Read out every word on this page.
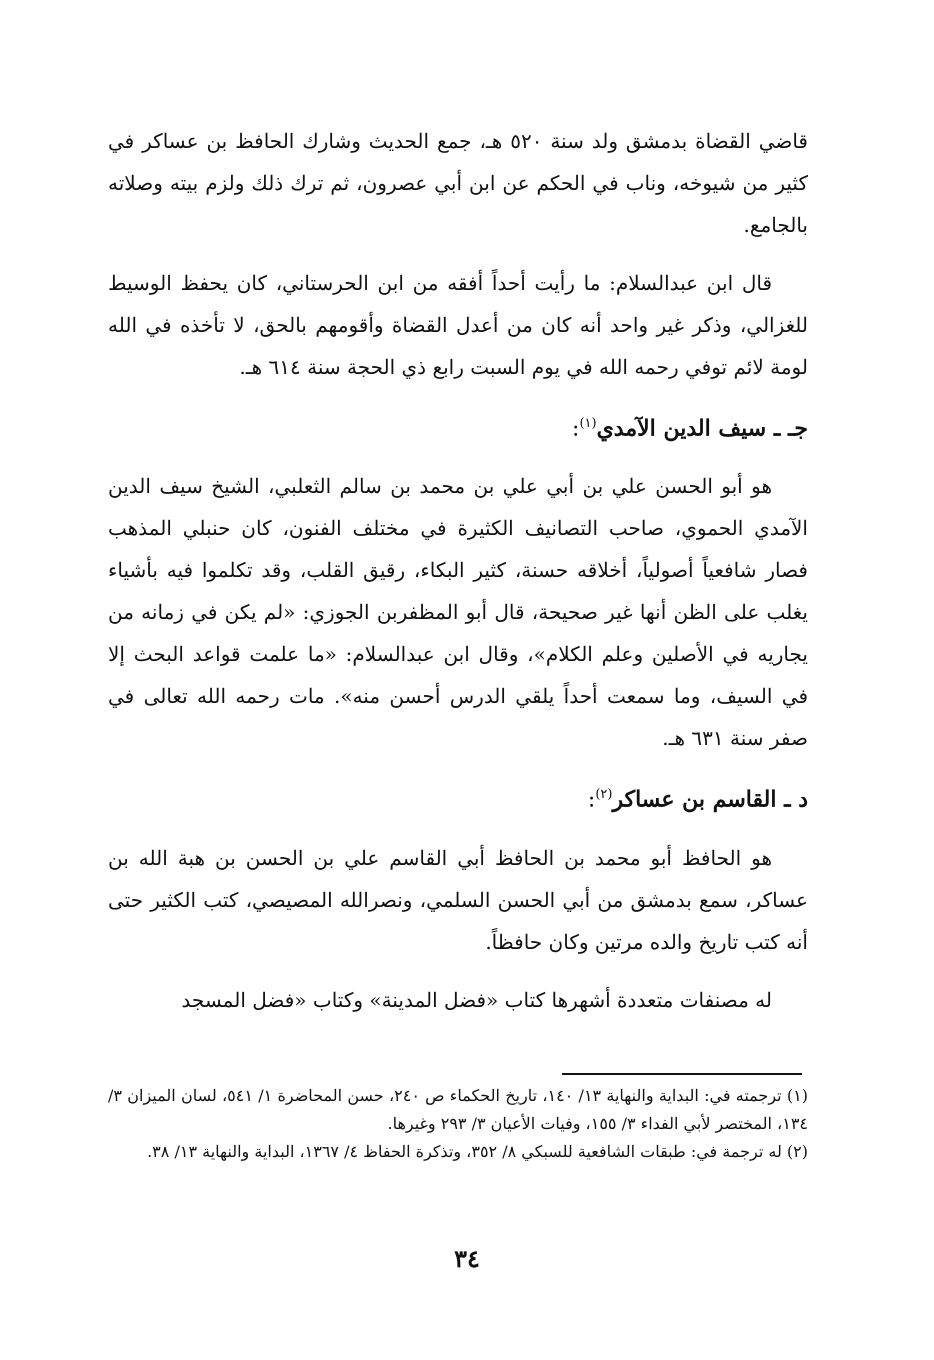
قاضي القضاة بدمشق ولد سنة ٥٢٠ هـ، جمع الحديث وشارك الحافظ بن عساكر في كثير من شيوخه، وناب في الحكم عن ابن أبي عصرون، ثم ترك ذلك ولزم بيته وصلاته بالجامع.

قال ابن عبدالسلام: ما رأيت أحداً أفقه من ابن الحرستاني، كان يحفظ الوسيط للغزالي، وذكر غير واحد أنه كان من أعدل القضاة وأقومهم بالحق، لا تأخذه في الله لومة لائم توفي رحمه الله في يوم السبت رابع ذي الحجة سنة ٦١٤ هـ.

جـ ـ سيف الدين الآمدي$^{(١)}$:

هو أبو الحسن علي بن أبي علي بن محمد بن سالم الثعلبي، الشيخ سيف الدين الآمدي الحموي، صاحب التصانيف الكثيرة في مختلف الفنون، كان حنبلي المذهب فصار شافعياً أصولياً، أخلاقه حسنة، كثير البكاء، رقيق القلب، وقد تكلموا فيه بأشياء يغلب على الظن أنها غير صحيحة، قال أبو المظفربن الجوزي: «لم يكن في زمانه من يجاريه في الأصلين وعلم الكلام»، وقال ابن عبدالسلام: «ما علمت قواعد البحث إلا في السيف، وما سمعت أحداً يلقي الدرس أحسن منه». مات رحمه الله تعالى في صفر سنة ٦٣١ هـ.

د ـ القاسم بن عساكر$^{(٢)}$:

هو الحافظ أبو محمد بن الحافظ أبي القاسم علي بن الحسن بن هبة الله بن عساكر، سمع بدمشق من أبي الحسن السلمي، ونصرالله المصيصي، كتب الكثير حتى أنه كتب تاريخ والده مرتين وكان حافظاً.

له مصنفات متعددة أشهرها كتاب «فضل المدينة» وكتاب «فضل المسجد

(١) ترجمته في: البداية والنهاية ١٣/ ١٤٠، تاريخ الحكماء ص ٢٤٠، حسن المحاضرة ١/ ٥٤١، لسان الميزان ٣/ ١٣٤، المختصر لأبي الفداء ٣/ ١٥٥، وفيات الأعيان ٣/ ٢٩٣ وغيرها.

(٢) له ترجمة في: طبقات الشافعية للسبكي ٨/ ٣٥٢، وتذكرة الحفاظ ٤/ ١٣٦٧، البداية والنهاية ١٣/ ٣٨.

٣٤
